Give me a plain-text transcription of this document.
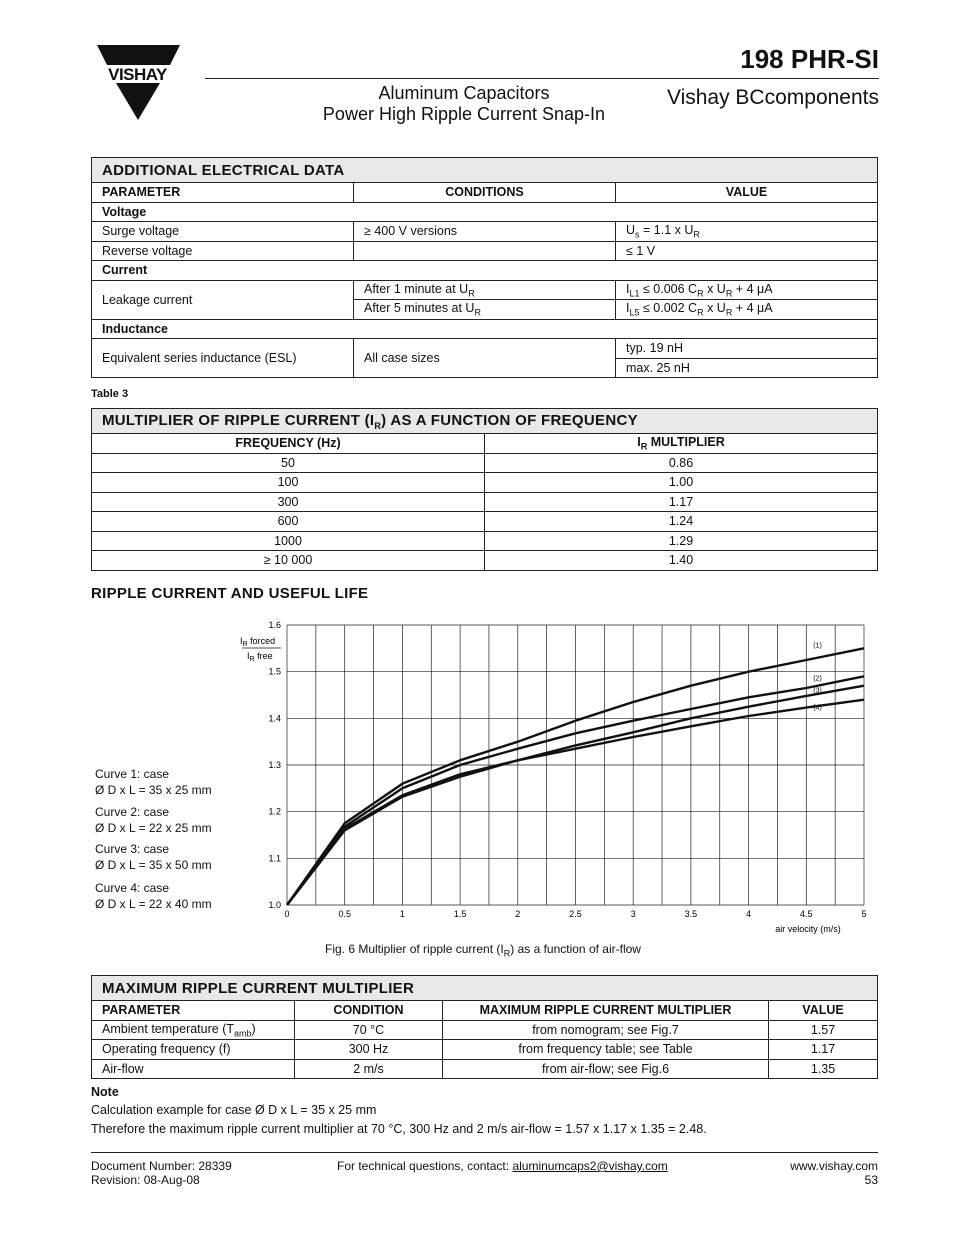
VISHAY
198 PHR-SI
Aluminum Capacitors
Power High Ripple Current Snap-In
Vishay BCcomponents
ADDITIONAL ELECTRICAL DATA		
PARAMETER	CONDITIONS	VALUE
Voltage		
Surge voltage	≥ 400 V versions	$U_s = 1.1$ x $U_R$
Reverse voltage		≤ 1 V
Current		
Leakage current	After 1 minute at $U_R$	$I_{L1} \le 0.006$ $C_R$ x $U_R + 4$ μA
	After 5 minutes at $U_R$	$I_{L5} \le 0.002$ $C_R$ x $U_R + 4$ μA
Inductance		
Equivalent series inductance (ESL)	All case sizes	typ. 19 nH
		max. 25 nH
Table 3
MULTIPLIER OF RIPPLE CURRENT $(I_R)$ AS A FUNCTION OF FREQUENCY	
FREQUENCY (Hz)	$I_R$ MULTIPLIER
50	0.86
100	1.00
300	1.17
600	1.24
1000	1.29
≥ 10 000	1.40
RIPPLE CURRENT AND USEFUL LIFE
0	0.5	1	1.5	2	2.5	3	3.5	4	4.5	5
1.0
1.1
1.2
1.3
1.4
1.5
1.6
(1)
(2)
(3)
(4)
$I_R$ forced
$I_R$ free
air velocity (m/s)
Curve 1: case
Ø D x L = 35 x 25 mm
Curve 2: case
Ø D x L = 22 x 25 mm
Curve 3: case
Ø D x L = 35 x 50 mm
Curve 4: case
Ø D x L = 22 x 40 mm
Fig. 6 Multiplier of ripple current $(I_R)$ as a function of air-flow
MAXIMUM RIPPLE CURRENT MULTIPLIER			
PARAMETER	CONDITION	MAXIMUM RIPPLE CURRENT MULTIPLIER	VALUE
Ambient temperature $(T_{amb})$	70 °C	from nomogram; see Fig.7	1.57
Operating frequency (f)	300 Hz	from frequency table; see Table	1.17
Air-flow	2 m/s	from air-flow; see Fig.6	1.35
Note
Calculation example for case Ø D x L = 35 x 25 mm
Therefore the maximum ripple current multiplier at 70 °C, 300 Hz and 2 m/s air-flow = 1.57 x 1.17 x 1.35 = 2.48.
Document Number: 28339
Revision: 08-Aug-08
For technical questions, contact: aluminumcaps2@vishay.com	www.vishay.com
53
